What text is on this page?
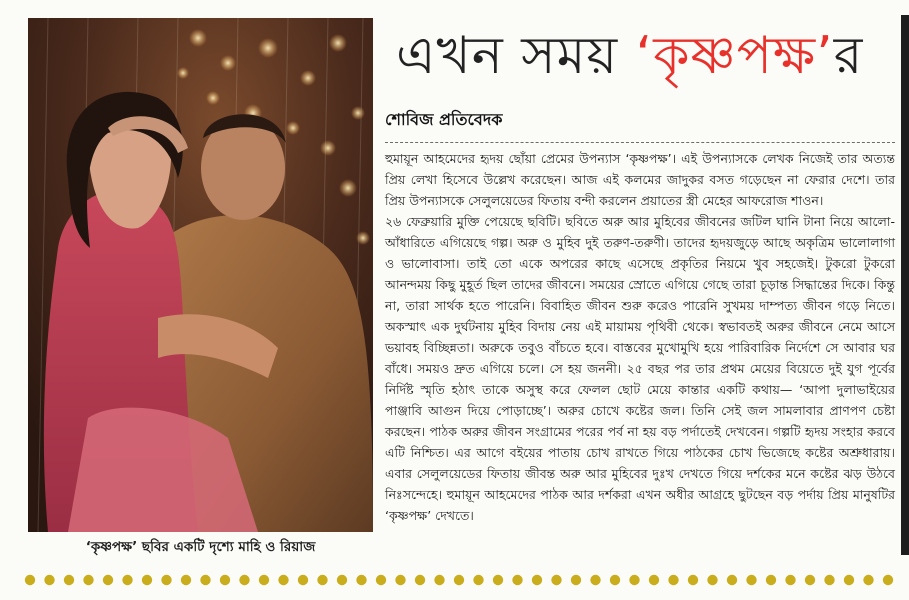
‘কৃষ্ণপক্ষ’ ছবির একটি দৃশ্যে মাহি ও রিয়াজ
এখন সময় ‘কৃষ্ণপক্ষ’র
শোবিজ প্রতিবেদক

হুমায়ূন আহমেদের হৃদয় ছোঁয়া প্রেমের উপন্যাস ‘কৃষ্ণপক্ষ’। এই উপন্যাসকে লেখক নিজেই তার অত্যন্ত প্রিয় লেখা হিসেবে উল্লেখ করেছেন। আজ এই কলমের জাদুকর বসত গড়েছেন না ফেরার দেশে। তার প্রিয় উপন্যাসকে সেলুলয়েডের ফিতায় বন্দী করলেন প্রয়াতের স্ত্রী মেহের আফরোজ শাওন।

২৬ ফেব্রুয়ারি মুক্তি পেয়েছে ছবিটি। ছবিতে অরু আর মুহিবের জীবনের জটিল ঘানি টানা নিয়ে আলো-আঁধারিতে এগিয়েছে গল্প। অরু ও মুহিব দুই তরুণ-তরুণী। তাদের হৃদয়জুড়ে আছে অকৃত্রিম ভালোলাগা ও ভালোবাসা। তাই তো একে অপরের কাছে এসেছে প্রকৃতির নিয়মে খুব সহজেই। টুকরো টুকরো আনন্দময় কিছু মুহূর্ত ছিল তাদের জীবনে। সময়ের স্রোতে এগিয়ে গেছে তারা চূড়ান্ত সিদ্ধান্তের দিকে। কিন্তু না, তারা সার্থক হতে পারেনি। বিবাহিত জীবন শুরু করেও পারেনি সুখময় দাম্পত্য জীবন গড়ে নিতে। অকস্মাৎ এক দুর্ঘটনায় মুহিব বিদায় নেয় এই মায়াময় পৃথিবী থেকে। স্বভাবতই অরুর জীবনে নেমে আসে ভয়াবহ বিচ্ছিন্নতা। অরুকে তবুও বাঁচতে হবে। বাস্তবের মুখোমুখি হয়ে পারিবারিক নির্দেশে সে আবার ঘর বাঁধে। সময়ও দ্রুত এগিয়ে চলে। সে হয় জননী। ২৫ বছর পর তার প্রথম মেয়ের বিয়েতে দুই যুগ পূর্বের নির্দিষ্ট স্মৃতি হঠাৎ তাকে অসুস্থ করে ফেলল ছোট মেয়ে কান্তার একটি কথায়— ‘আপা দুলাভাইয়ের পাঞ্জাবি আগুন দিয়ে পোড়াচ্ছে’। অরুর চোখে কষ্টের জল। তিনি সেই জল সামলাবার প্রাণপণ চেষ্টা করছেন। পাঠক অরুর জীবন সংগ্রামের পরের পর্ব না হয় বড় পর্দাতেই দেখবেন। গল্পটি হৃদয় সংহার করবে এটি নিশ্চিত। এর আগে বইয়ের পাতায় চোখ রাখতে গিয়ে পাঠকের চোখ ভিজেছে কষ্টের অশ্রুধারায়। এবার সেলুলয়েডের ফিতায় জীবন্ত অরু আর মুহিবের দুঃখ দেখতে গিয়ে দর্শকের মনে কষ্টের ঝড় উঠবে নিঃসন্দেহে। হুমায়ূন আহমেদের পাঠক আর দর্শকরা এখন অধীর আগ্রহে ছুটছেন বড় পর্দায় প্রিয় মানুষটির ‘কৃষ্ণপক্ষ’ দেখতে।
